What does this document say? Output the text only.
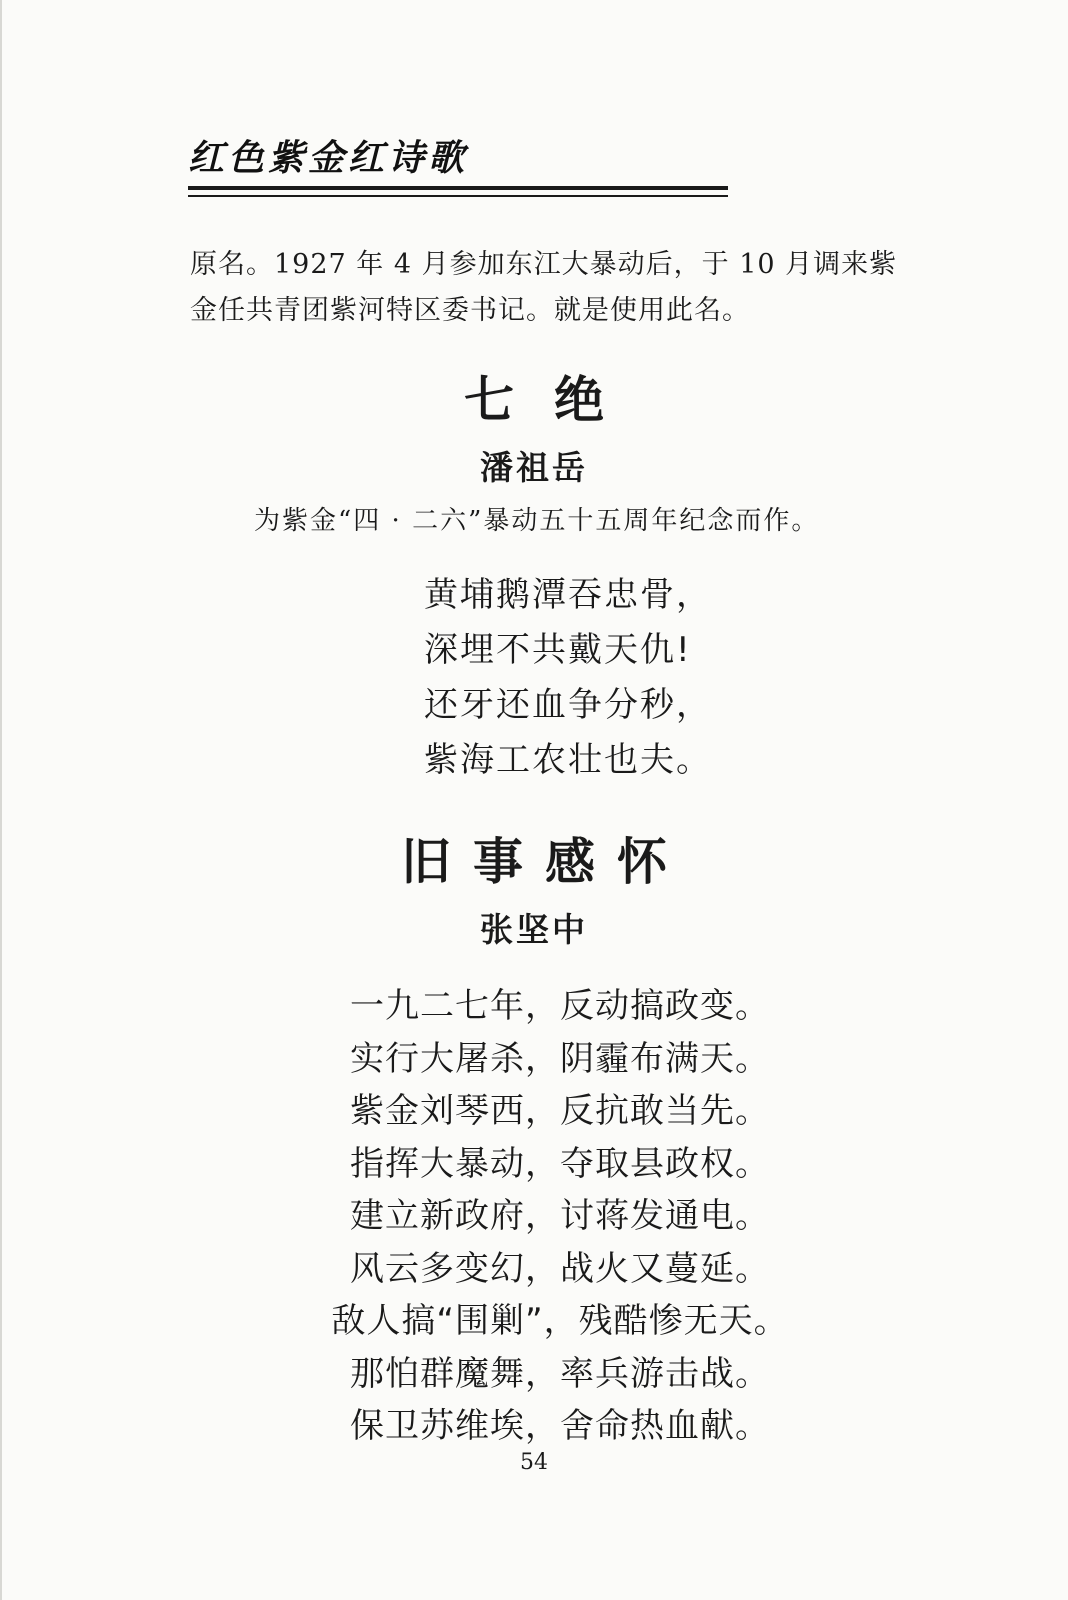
红色紫金红诗歌

原名。1927 年 4 月参加东江大暴动后，于 10 月调来紫

金任共青团紫河特区委书记。就是使用此名。

七绝
潘祖岳
为紫金“四 · 二六”暴动五十五周年纪念而作。
黄埔鹅潭吞忠骨，
深埋不共戴天仇!
还牙还血争分秒，
紫海工农壮也夫。
旧事感怀
张坚中
一九二七年，反动搞政变。
实行大屠杀，阴霾布满天。
紫金刘琴西，反抗敢当先。
指挥大暴动，夺取县政权。
建立新政府，讨蒋发通电。
风云多变幻，战火又蔓延。
敌人搞“围剿”，残酷惨无天。
那怕群魔舞，率兵游击战。
保卫苏维埃，舍命热血献。
54
